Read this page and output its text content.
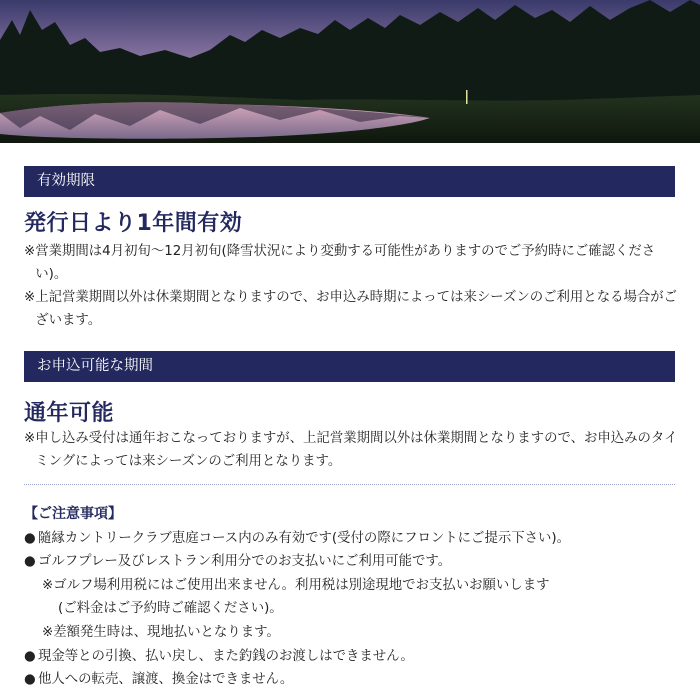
有効期限
発行日より1年間有効
※ 営業期間は4月初旬～12月初旬(降雪状況により変動する可能性がありますのでご予約時にご確認ください)。
※ 上記営業期間以外は休業期間となりますので、お申込み時期によっては来シーズンのご利用となる場合がございます。
お申込可能な期間
通年可能
※ 申し込み受付は通年おこなっておりますが、上記営業期間以外は休業期間となりますので、お申込みのタイミングによっては来シーズンのご利用となります。
【ご注意事項】
● 隨縁カントリークラブ恵庭コース内のみ有効です(受付の際にフロントにご提示下さい)。
● ゴルフプレー及びレストラン利用分でのお支払いにご利用可能です。
※ゴルフ場利用税にはご使用出来ません。利用税は別途現地でお支払いお願いします
(ご料金はご予約時ご確認ください)。
※差額発生時は、現地払いとなります。
● 現金等との引換、払い戻し、また釣銭のお渡しはできません。
● 他人への転売、譲渡、換金はできません。
